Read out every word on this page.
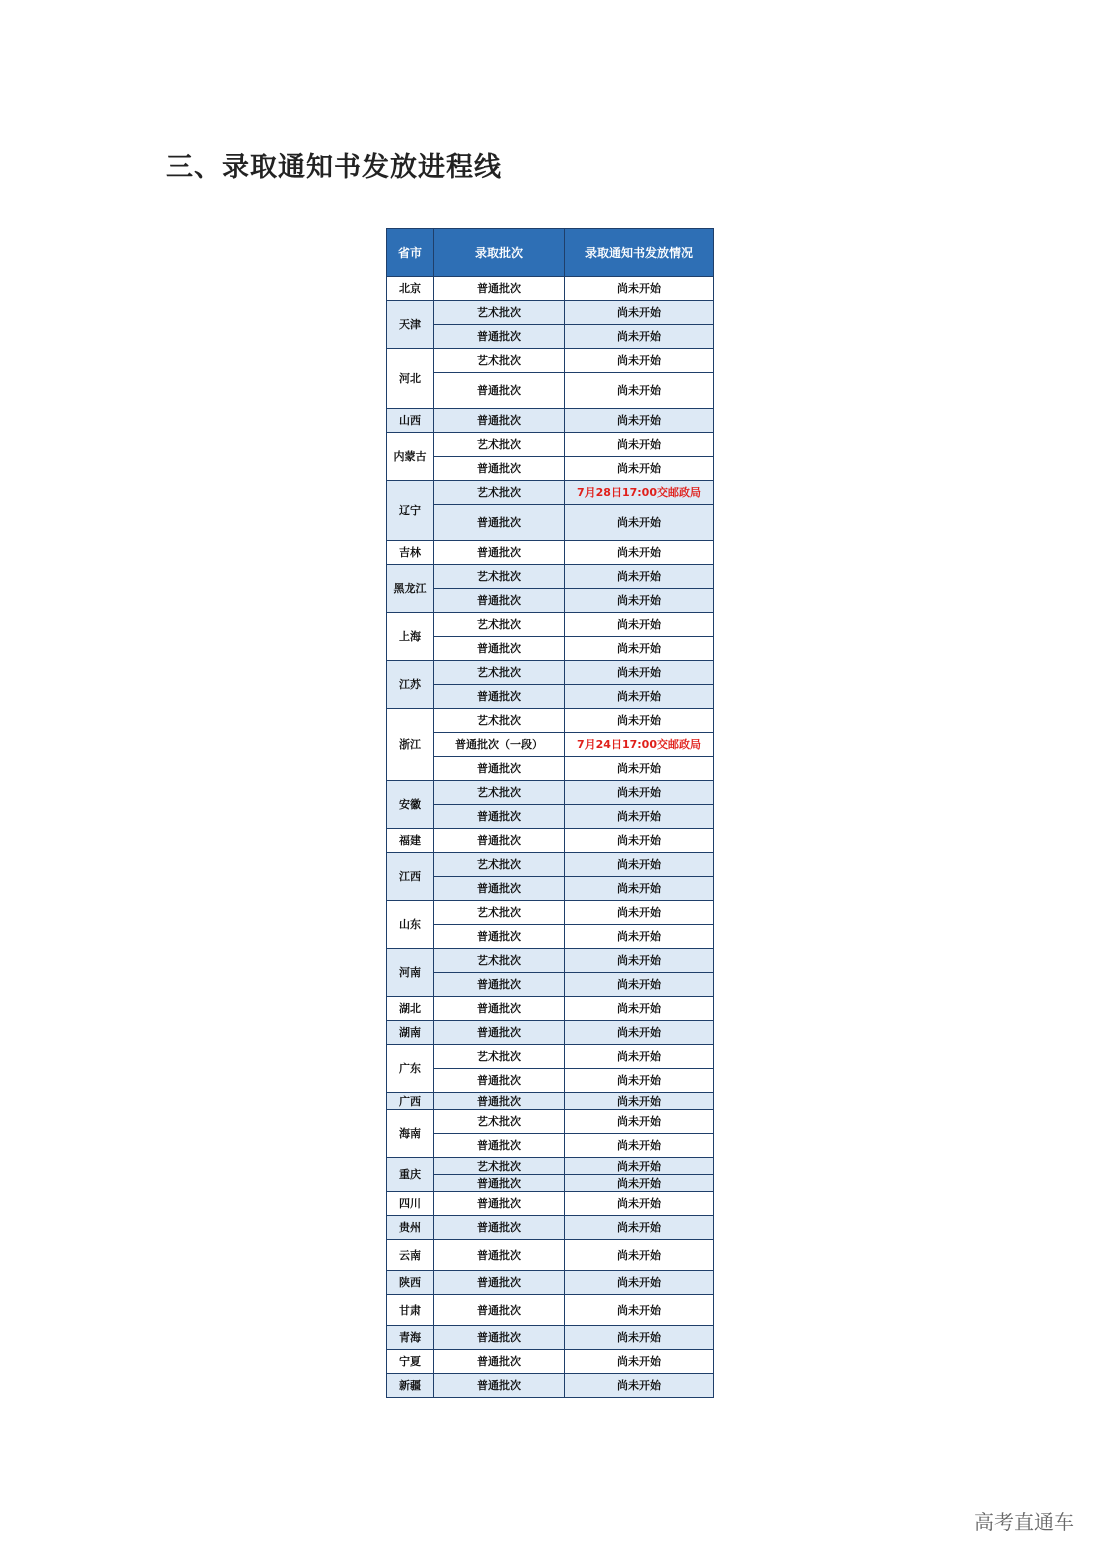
三、录取通知书发放进程线
省市	录取批次	录取通知书发放情况
北京	普通批次	尚未开始
天津	艺术批次	尚未开始
	普通批次	尚未开始
河北	艺术批次	尚未开始
	普通批次	尚未开始
山西	普通批次	尚未开始
内蒙古	艺术批次	尚未开始
	普通批次	尚未开始
辽宁	艺术批次	7月28日17:00交邮政局
	普通批次	尚未开始
吉林	普通批次	尚未开始
黑龙江	艺术批次	尚未开始
	普通批次	尚未开始
上海	艺术批次	尚未开始
	普通批次	尚未开始
江苏	艺术批次	尚未开始
	普通批次	尚未开始
浙江	艺术批次	尚未开始
	普通批次（一段）	7月24日17:00交邮政局
	普通批次	尚未开始
安徽	艺术批次	尚未开始
	普通批次	尚未开始
福建	普通批次	尚未开始
江西	艺术批次	尚未开始
	普通批次	尚未开始
山东	艺术批次	尚未开始
	普通批次	尚未开始
河南	艺术批次	尚未开始
	普通批次	尚未开始
湖北	普通批次	尚未开始
湖南	普通批次	尚未开始
广东	艺术批次	尚未开始
	普通批次	尚未开始
广西	普通批次	尚未开始
海南	艺术批次	尚未开始
	普通批次	尚未开始
重庆	艺术批次	尚未开始
	普通批次	尚未开始
四川	普通批次	尚未开始
贵州	普通批次	尚未开始
云南	普通批次	尚未开始
陕西	普通批次	尚未开始
甘肃	普通批次	尚未开始
青海	普通批次	尚未开始
宁夏	普通批次	尚未开始
新疆	普通批次	尚未开始

高考直通车
